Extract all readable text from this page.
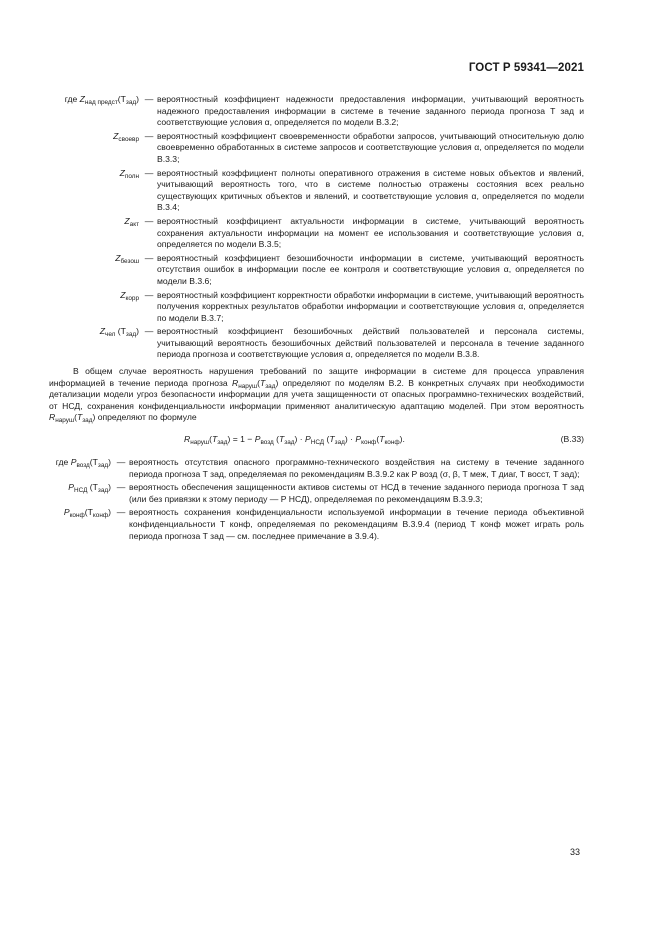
ГОСТ Р 59341—2021
где $Z_{над предст}(T_{зад})$	—	вероятностный коэффициент надежности предоставления информации, учитывающий вероятность надежного предоставления информации в системе в течение заданного периода прогноза T зад и соответствующие условия α, определяется по модели В.3.2;
$Z_{своевр}$	—	вероятностный коэффициент своевременности обработки запросов, учитывающий относительную долю своевременно обработанных в системе запросов и соответствующие условия α, определяется по модели В.3.3;
$Z_{полн}$	—	вероятностный коэффициент полноты оперативного отражения в системе новых объектов и явлений, учитывающий вероятность того, что в системе полностью отражены состояния всех реально существующих критичных объектов и явлений, и соответствующие условия α, определяется по модели В.3.4;
$Z_{акт}$	—	вероятностный коэффициент актуальности информации в системе, учитывающий вероятность сохранения актуальности информации на момент ее использования и соответствующие условия α, определяется по модели В.3.5;
$Z_{безош}$	—	вероятностный коэффициент безошибочности информации в системе, учитывающий вероятность отсутствия ошибок в информации после ее контроля и соответствующие условия α, определяется по модели В.3.6;
$Z_{корр}$	—	вероятностный коэффициент корректности обработки информации в системе, учитывающий вероятность получения корректных результатов обработки информации и соответствующие условия α, определяется по модели В.3.7;
$Z_{чел}$ $(T_{зад})$	—	вероятностный коэффициент безошибочных действий пользователей и персонала системы, учитывающий вероятность безошибочных действий пользователей и персонала в течение заданного периода прогноза и соответствующие условия α, определяется по модели В.3.8.

В общем случае вероятность нарушения требований по защите информации в системе для процесса управления информацией в течение периода прогноза $R_{наруш}(T_{зад})$ определяют по моделям В.2. В конкретных случаях при необходимости детализации модели угроз безопасности информации для учета защищенности от опасных программно-технических воздействий, от НСД, сохранения конфиденциальности информации применяют аналитическую адаптацию моделей. При этом вероятность $R_{наруш}(T_{зад})$ определяют по формуле

$R_{наруш}(T_{зад}) = 1 - P_{возд}$ $(T_{зад}) \cdot P_{НСД}$ $(T_{зад}) \cdot P_{конф}(T_{конф})$.	(В.33)
где $P_{возд}(T_{зад})$	—	вероятность отсутствия опасного программно-технического воздействия на систему в течение заданного периода прогноза T зад, определяемая по рекомендациям В.3.9.2 как P возд (σ, β, T меж, T диаг, T восст, T зад);
$P_{НСД}$ $(T_{зад})$	—	вероятность обеспечения защищенности активов системы от НСД в течение заданного периода прогноза T зад (или без привязки к этому периоду — P НСД), определяемая по рекомендациям В.3.9.3;
$P_{конф}(T_{конф})$	—	вероятность сохранения конфиденциальности используемой информации в течение периода объективной конфиденциальности T конф, определяемая по рекомендациям В.3.9.4 (период T конф может играть роль периода прогноза T зад — см. последнее примечание в 3.9.4).
33
